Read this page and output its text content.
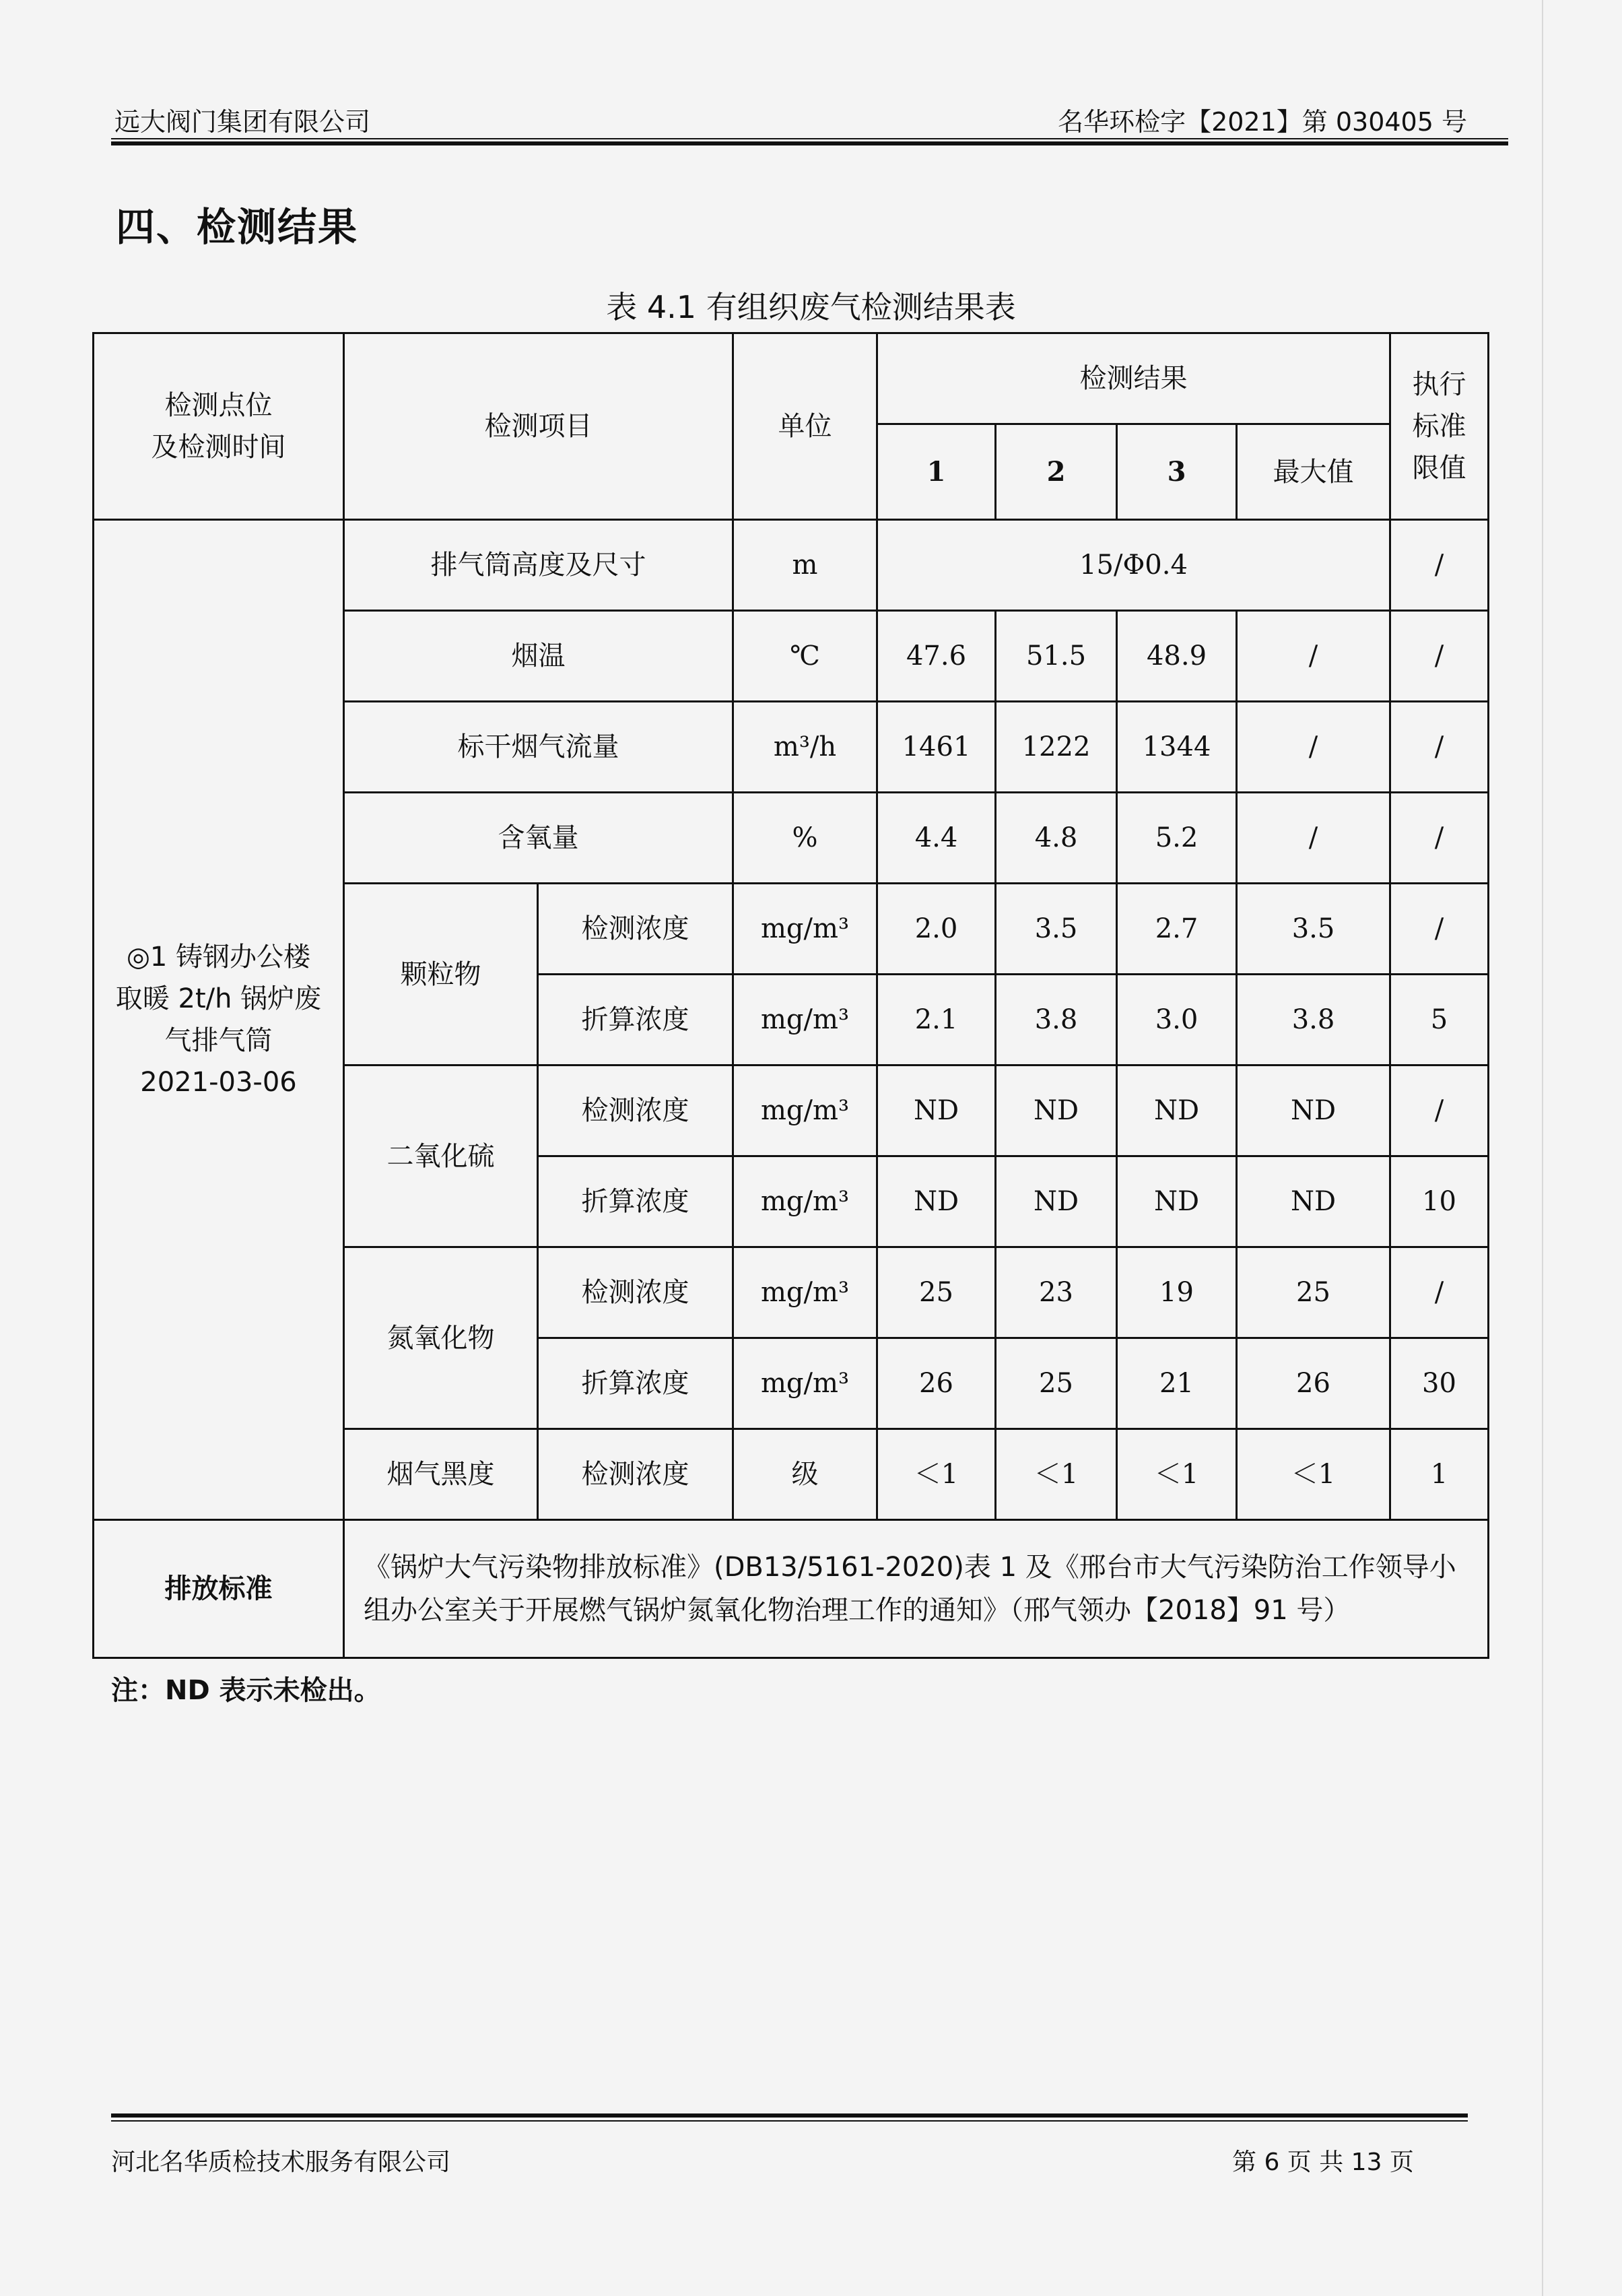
远大阀门集团有限公司	名华环检字【2021】第 030405 号
四、检测结果
表 4.1 有组织废气检测结果表
检测点位
及检测时间	检测项目		单位	检测结果				执行
标准
限值
				1	2	3	最大值	
◎1 铸钢办公楼
取暖 2t/h 锅炉废
气排气筒
2021-03-06	排气筒高度及尺寸		m	15/Φ0.4				/
	烟温		℃	47.6	51.5	48.9	/	/
	标干烟气流量		m³/h	1461	1222	1344	/	/
	含氧量		%	4.4	4.8	5.2	/	/
	颗粒物	检测浓度	mg/m³	2.0	3.5	2.7	3.5	/
		折算浓度	mg/m³	2.1	3.8	3.0	3.8	5
	二氧化硫	检测浓度	mg/m³	ND	ND	ND	ND	/
		折算浓度	mg/m³	ND	ND	ND	ND	10
	氮氧化物	检测浓度	mg/m³	25	23	19	25	/
		折算浓度	mg/m³	26	25	21	26	30
	烟气黑度	检测浓度	级	＜1	＜1	＜1	＜1	1
排放标准	《锅炉大气污染物排放标准》(DB13/5161-2020)表 1 及《邢台市大气污染防治工作领导小组办公室关于开展燃气锅炉氮氧化物治理工作的通知》（邢气领办【2018】91 号）							
注：ND 表示未检出。
河北名华质检技术服务有限公司	第 6 页 共 13 页
